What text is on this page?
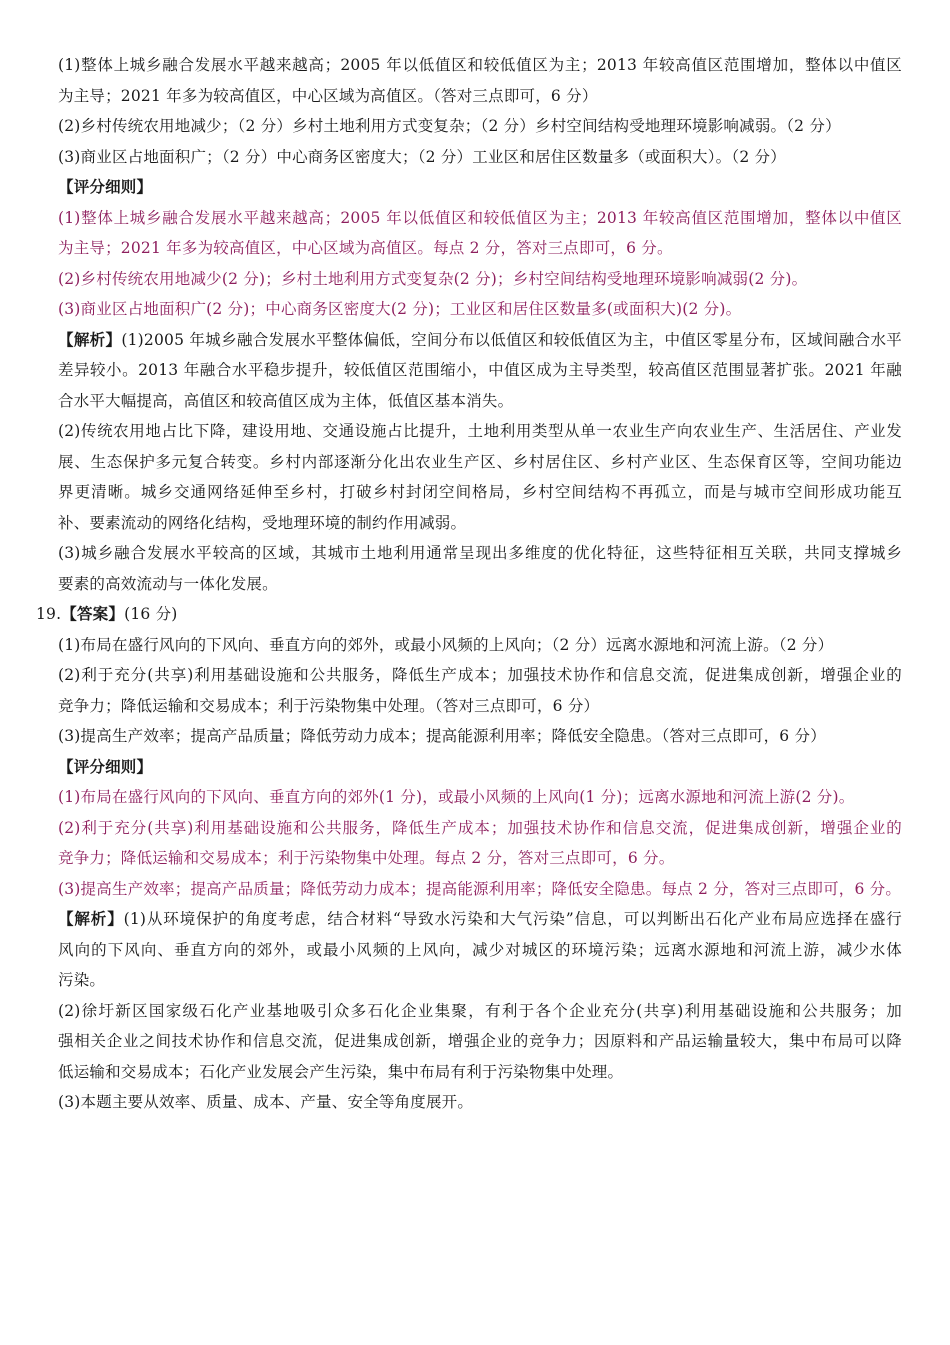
(1)整体上城乡融合发展水平越来越高；2005 年以低值区和较低值区为主；2013 年较高值区范围增加，整体以中值区
为主导；2021 年多为较高值区，中心区域为高值区。（答对三点即可，6 分）
(2)乡村传统农用地减少；（2 分）乡村土地利用方式变复杂；（2 分）乡村空间结构受地理环境影响减弱。（2 分）
(3)商业区占地面积广；（2 分）中心商务区密度大；（2 分）工业区和居住区数量多（或面积大）。（2 分）
【评分细则】
(1)整体上城乡融合发展水平越来越高；2005 年以低值区和较低值区为主；2013 年较高值区范围增加，整体以中值区
为主导；2021 年多为较高值区，中心区域为高值区。每点 2 分，答对三点即可，6 分。
(2)乡村传统农用地减少(2 分)；乡村土地利用方式变复杂(2 分)；乡村空间结构受地理环境影响减弱(2 分)。
(3)商业区占地面积广(2 分)；中心商务区密度大(2 分)；工业区和居住区数量多(或面积大)(2 分)。
【解析】(1)2005 年城乡融合发展水平整体偏低，空间分布以低值区和较低值区为主，中值区零星分布，区域间融合水平
差异较小。2013 年融合水平稳步提升，较低值区范围缩小，中值区成为主导类型，较高值区范围显著扩张。2021 年融
合水平大幅提高，高值区和较高值区成为主体，低值区基本消失。
(2)传统农用地占比下降，建设用地、交通设施占比提升，土地利用类型从单一农业生产向农业生产、生活居住、产业发
展、生态保护多元复合转变。乡村内部逐渐分化出农业生产区、乡村居住区、乡村产业区、生态保育区等，空间功能边
界更清晰。城乡交通网络延伸至乡村，打破乡村封闭空间格局，乡村空间结构不再孤立，而是与城市空间形成功能互
补、要素流动的网络化结构，受地理环境的制约作用减弱。
(3)城乡融合发展水平较高的区域，其城市土地利用通常呈现出多维度的优化特征，这些特征相互关联，共同支撑城乡
要素的高效流动与一体化发展。
19.【答案】(16 分)
(1)布局在盛行风向的下风向、垂直方向的郊外，或最小风频的上风向；（2 分）远离水源地和河流上游。（2 分）
(2)利于充分(共享)利用基础设施和公共服务，降低生产成本；加强技术协作和信息交流，促进集成创新，增强企业的
竞争力；降低运输和交易成本；利于污染物集中处理。（答对三点即可，6 分）
(3)提高生产效率；提高产品质量；降低劳动力成本；提高能源利用率；降低安全隐患。（答对三点即可，6 分）
【评分细则】
(1)布局在盛行风向的下风向、垂直方向的郊外(1 分)，或最小风频的上风向(1 分)；远离水源地和河流上游(2 分)。
(2)利于充分(共享)利用基础设施和公共服务，降低生产成本；加强技术协作和信息交流，促进集成创新，增强企业的
竞争力；降低运输和交易成本；利于污染物集中处理。每点 2 分，答对三点即可，6 分。
(3)提高生产效率；提高产品质量；降低劳动力成本；提高能源利用率；降低安全隐患。每点 2 分，答对三点即可，6 分。
【解析】(1)从环境保护的角度考虑，结合材料“导致水污染和大气污染”信息，可以判断出石化产业布局应选择在盛行
风向的下风向、垂直方向的郊外，或最小风频的上风向，减少对城区的环境污染；远离水源地和河流上游，减少水体
污染。
(2)徐圩新区国家级石化产业基地吸引众多石化企业集聚，有利于各个企业充分(共享)利用基础设施和公共服务；加
强相关企业之间技术协作和信息交流，促进集成创新，增强企业的竞争力；因原料和产品运输量较大，集中布局可以降
低运输和交易成本；石化产业发展会产生污染，集中布局有利于污染物集中处理。
(3)本题主要从效率、质量、成本、产量、安全等角度展开。
